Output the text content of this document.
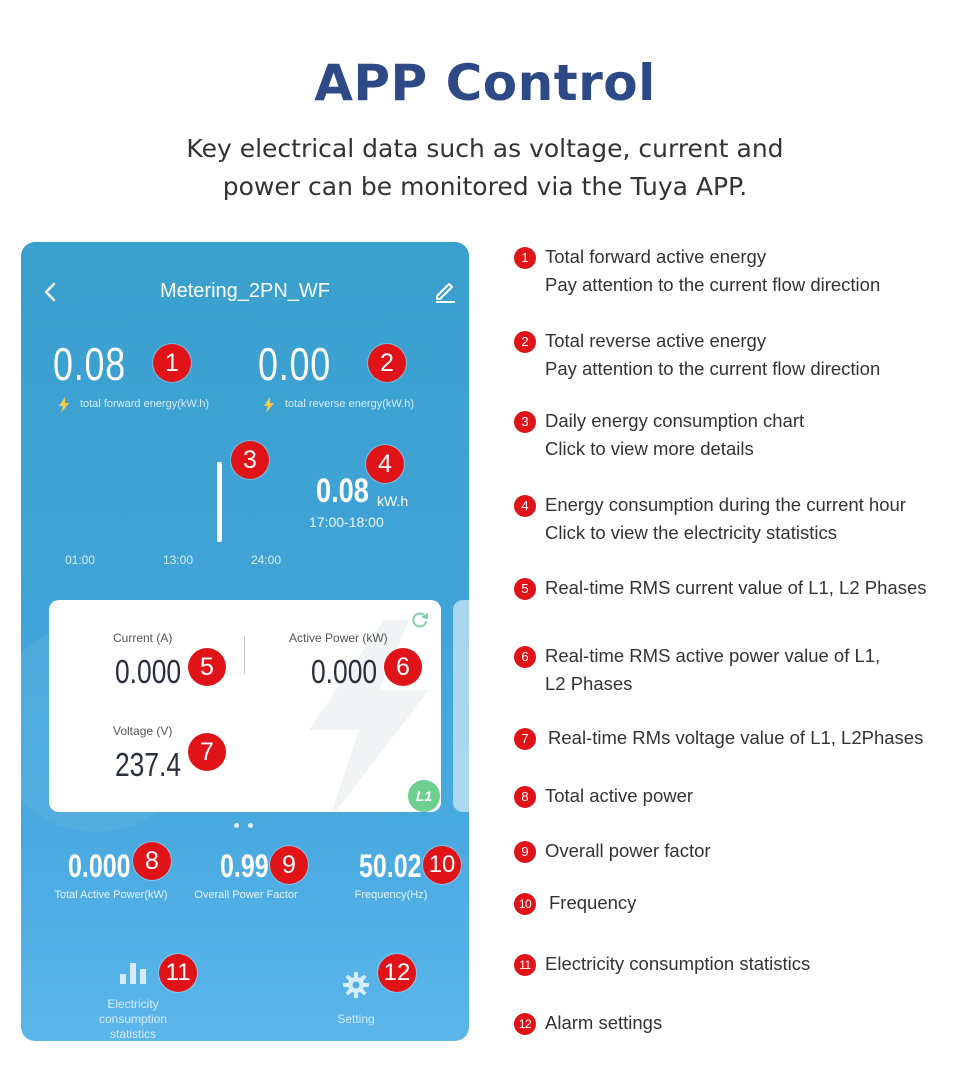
APP Control
Key electrical data such as voltage, current and
power can be monitored via the Tuya APP.
Metering_2PN_WF
0.08
total forward energy(kW.h)
0.00
total reverse energy(kW.h)
1	2
01:00	13:00	24:00
3
0.08 kW.h
17:00-18:00
4
Current (A)
0.000
Active Power (kW)
0.000
Voltage (V)
237.4
L1
5	6
7
0.000
Total Active Power(kW)
0.99
Overall Power Factor
50.02
Frequency(Hz)
8	9	10
Electricity
consumption
statistics
11
Setting
12
1 Total forward active energy
Pay attention to the current flow direction
2 Total reverse active energy
Pay attention to the current flow direction
3 Daily energy consumption chart
Click to view more details
4 Energy consumption during the current hour
Click to view the electricity statistics
5 Real-time RMS current value of L1, L2 Phases
6 Real-time RMS active power value of L1,
L2 Phases
7	Real-time RMs voltage value of L1, L2Phases
8 Total active power
9 Overall power factor
10 Frequency
11 Electricity consumption statistics
12 Alarm settings
